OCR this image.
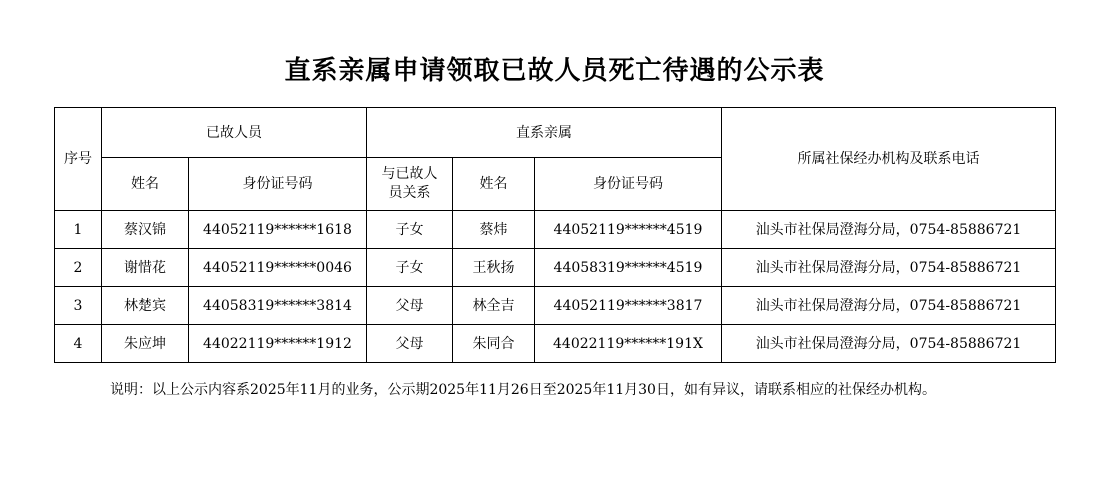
直系亲属申请领取已故人员死亡待遇的公示表
序号	已故人员		直系亲属			所属社保经办机构及联系电话
	姓名	身份证号码	与已故人员关系	姓名	身份证号码	
1	蔡汉锦	44052119******1618	子女	蔡炜	44052119******4519	汕头市社保局澄海分局，0754-85886721
2	谢惜花	44052119******0046	子女	王秋扬	44058319******4519	汕头市社保局澄海分局，0754-85886721
3	林楚宾	44058319******3814	父母	林全吉	44052119******3817	汕头市社保局澄海分局，0754-85886721
4	朱应坤	44022119******1912	父母	朱同合	44022119******191X	汕头市社保局澄海分局，0754-85886721
说明：以上公示内容系2025年11月的业务，公示期2025年11月26日至2025年11月30日，如有异议，请联系相应的社保经办机构。
